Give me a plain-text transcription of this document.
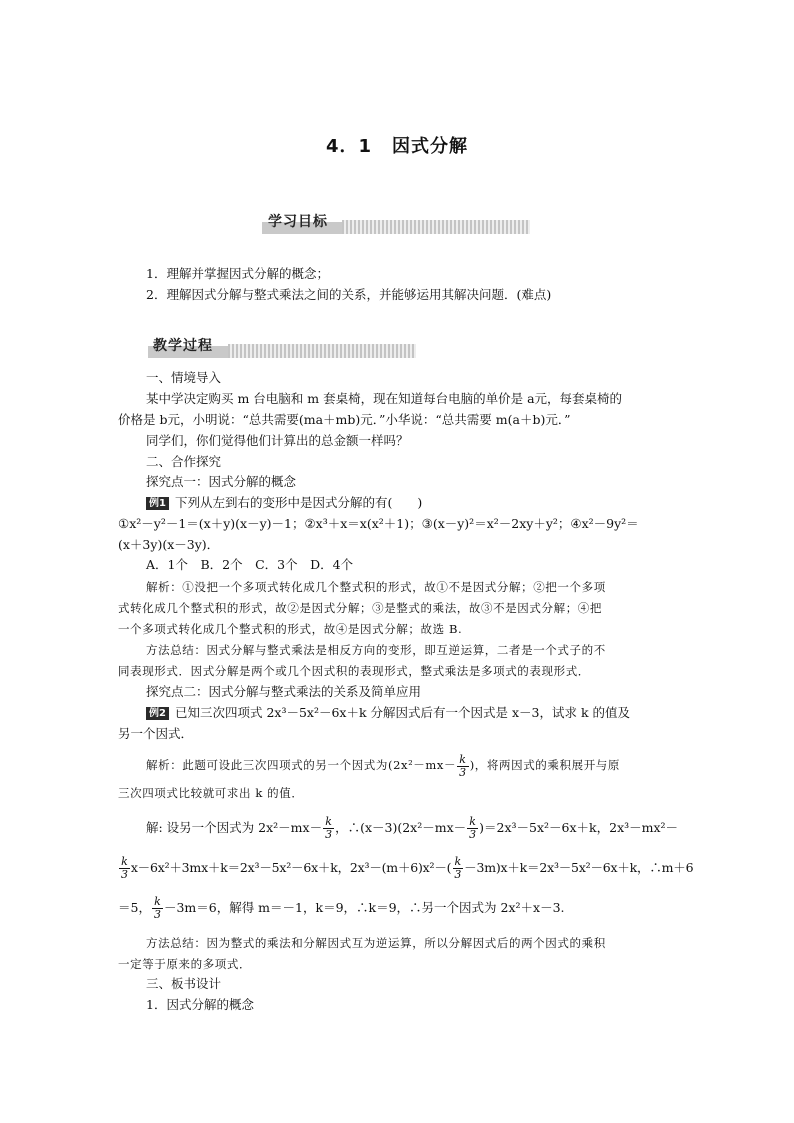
4．1 因式分解
学习目标
1．理解并掌握因式分解的概念；
2．理解因式分解与整式乘法之间的关系，并能够运用其解决问题．(难点)
教学过程
一、情境导入
某中学决定购买 m 台电脑和 m 套桌椅，现在知道每台电脑的单价是 a元，每套桌椅的
价格是 b元，小明说：“总共需要(ma＋mb)元．”小华说：“总共需要 m(a＋b)元．”
同学们，你们觉得他们计算出的总金额一样吗？
二、合作探究
探究点一：因式分解的概念
例1 下列从左到右的变形中是因式分解的有(　　)
①x²－y²－1＝(x＋y)(x－y)－1；②x³＋x＝x(x²＋1)；③(x－y)²＝x²－2xy＋y²；④x²－9y²＝
(x＋3y)(x－3y)．
A．1个　B．2个　C．3个　D．4个
解析：①没把一个多项式转化成几个整式积的形式，故①不是因式分解；②把一个多项
式转化成几个整式积的形式，故②是因式分解；③是整式的乘法，故③不是因式分解；④把
一个多项式转化成几个整式积的形式，故④是因式分解；故选 B.
方法总结：因式分解与整式乘法是相反方向的变形，即互逆运算，二者是一个式子的不
同表现形式．因式分解是两个或几个因式积的表现形式，整式乘法是多项式的表现形式．
探究点二：因式分解与整式乘法的关系及简单应用
例2 已知三次四项式 2x³－5x²－6x＋k 分解因式后有一个因式是 x－3，试求 k 的值及
另一个因式．
解析：此题可设此三次四项式的另一个因式为($2x^2-mx- \frac{k}{3}$ )，将两因式的乘积展开与原
三次四项式比较就可求出 k 的值．
解: 设另一个因式为 $2x^2-mx- \frac{k}{3}$ ，∴(x－3)(2x²－mx－ $\frac{k}{3} )=2x^3-5x^2-6x+k$，2x³－mx²－
$\frac{k}{3} x-6x^2+3mx+k=2x^3-5x^2-6x+k$，$2x^3-(m+6)x^2-( \frac{k}{3} -3m)x+k=2x^3-5x^2-6x+k$，∴m＋6
＝5， $\frac{k}{3} -3m=6$，解得 m＝－1，k＝9，∴k＝9，∴另一个因式为 2x²＋x－3.
方法总结：因为整式的乘法和分解因式互为逆运算，所以分解因式后的两个因式的乘积
一定等于原来的多项式．
三、板书设计
1．因式分解的概念
